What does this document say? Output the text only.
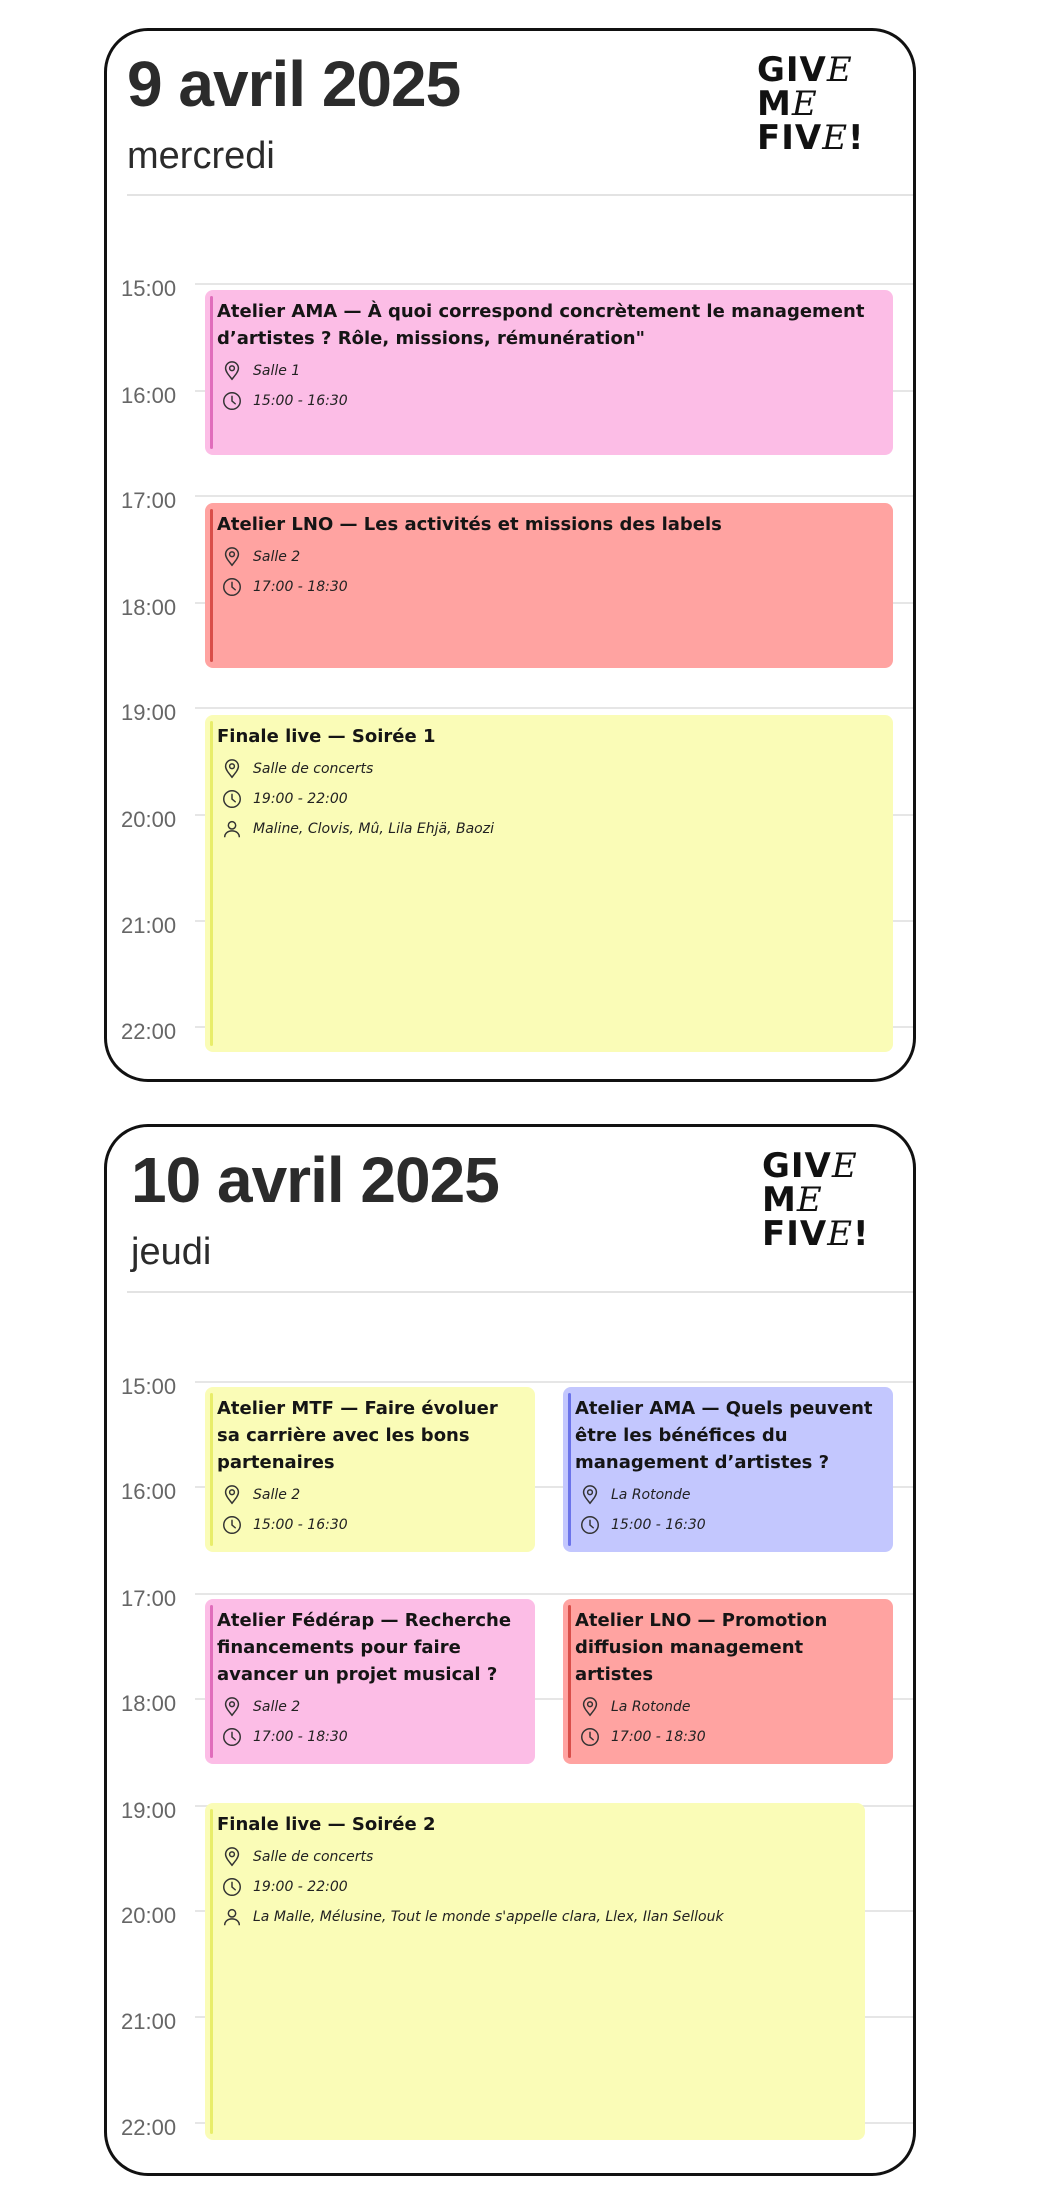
9 avril 2025
mercredi
GIVE
ME
FIVE!
15:00
16:00
17:00
18:00
19:00
20:00
21:00
22:00
Atelier AMA — À quoi correspond concrètement le management d’artistes ? Rôle, missions, rémunération"
Salle 1
15:00 - 16:30
Atelier LNO — Les activités et missions des labels
Salle 2
17:00 - 18:30
Finale live — Soirée 1
Salle de concerts
19:00 - 22:00
Maline, Clovis, Mû, Lila Ehjä, Baozi
10 avril 2025
jeudi
GIVE
ME
FIVE!
15:00
16:00
17:00
18:00
19:00
20:00
21:00
22:00
Atelier MTF — Faire évoluer sa carrière avec les bons partenaires
Salle 2
15:00 - 16:30
Atelier AMA — Quels peuvent être les bénéfices du management d’artistes ?
La Rotonde
15:00 - 16:30
Atelier Fédérap — Recherche financements pour faire avancer un projet musical ?
Salle 2
17:00 - 18:30
Atelier LNO — Promotion diffusion management artistes
La Rotonde
17:00 - 18:30
Finale live — Soirée 2
Salle de concerts
19:00 - 22:00
La Malle, Mélusine, Tout le monde s'appelle clara, Llex, Ilan Sellouk
